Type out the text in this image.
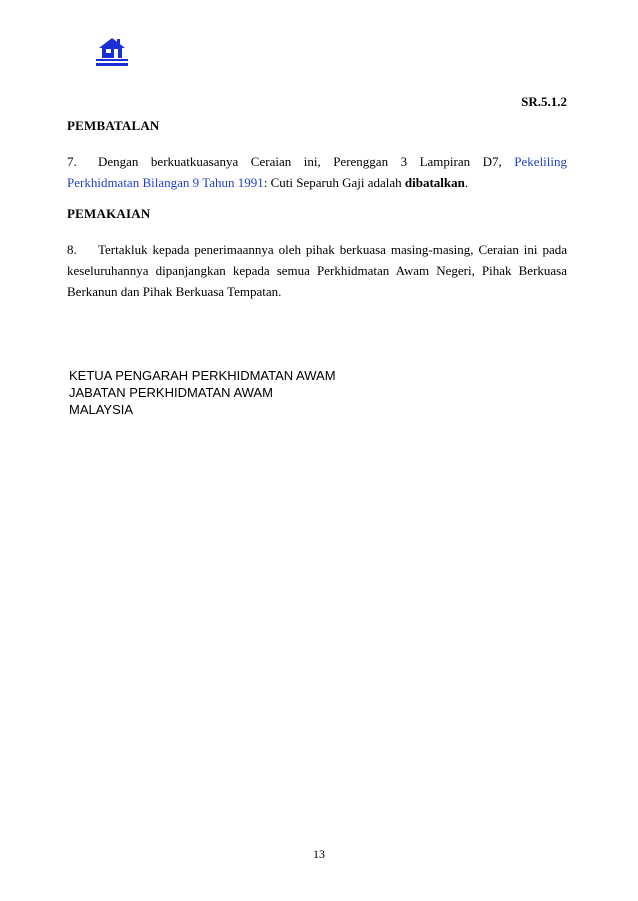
SR.5.1.2
PEMBATALAN
7. Dengan berkuatkuasanya Ceraian ini, Perenggan 3 Lampiran D7, Pekeliling Perkhidmatan Bilangan 9 Tahun 1991: Cuti Separuh Gaji adalah dibatalkan.
PEMAKAIAN
8. Tertakluk kepada penerimaannya oleh pihak berkuasa masing-masing, Ceraian ini pada keseluruhannya dipanjangkan kepada semua Perkhidmatan Awam Negeri, Pihak Berkuasa Berkanun dan Pihak Berkuasa Tempatan.
KETUA PENGARAH PERKHIDMATAN AWAM
JABATAN PERKHIDMATAN AWAM
MALAYSIA
13
